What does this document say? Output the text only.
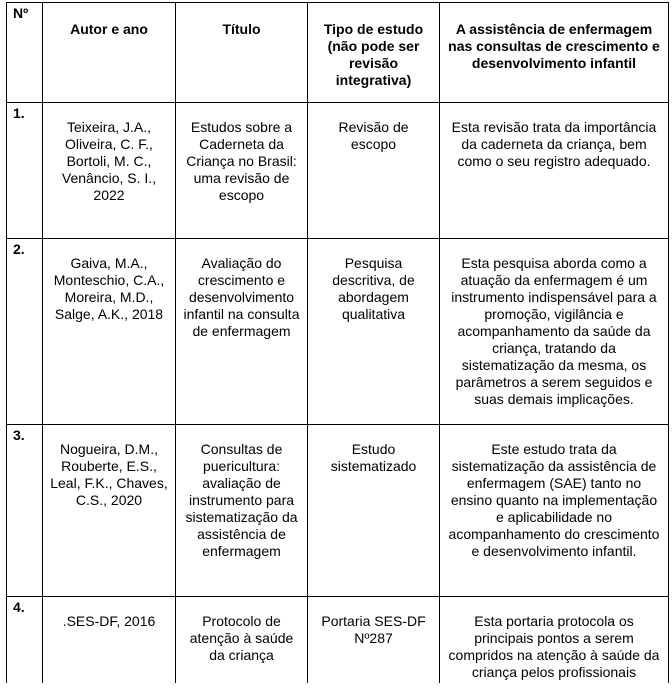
Nº	Autor e ano	Título	Tipo de estudo (não pode ser revisão integrativa)	A assistência de enfermagem nas consultas de crescimento e desenvolvimento infantil

1.	Teixeira, J.A., Oliveira, C. F., Bortoli, M. C., Venâncio, S. I., 2022	Estudos sobre a Caderneta da Criança no Brasil: uma revisão de escopo	Revisão de escopo	Esta revisão trata da importância da caderneta da criança, bem como o seu registro adequado.

2.	Gaiva, M.A., Monteschio, C.A., Moreira, M.D., Salge, A.K., 2018	Avaliação do crescimento e desenvolvimento infantil na consulta de enfermagem	Pesquisa descritiva, de abordagem qualitativa	Esta pesquisa aborda como a atuação da enfermagem é um instrumento indispensável para a promoção, vigilância e acompanhamento da saúde da criança, tratando da sistematização da mesma, os parâmetros a serem seguidos e suas demais implicações.

3.	Nogueira, D.M., Rouberte, E.S., Leal, F.K., Chaves, C.S., 2020	Consultas de puericultura: avaliação de instrumento para sistematização da assistência de enfermagem	Estudo sistematizado	Este estudo trata da sistematização da assistência de enfermagem (SAE) tanto no ensino quanto na implementação e aplicabilidade no acompanhamento do crescimento e desenvolvimento infantil.

4.	.SES-DF, 2016	Protocolo de atenção à saúde da criança	Portaria SES-DF Nº287	Esta portaria protocola os principais pontos a serem compridos na atenção à saúde da criança pelos profissionais
